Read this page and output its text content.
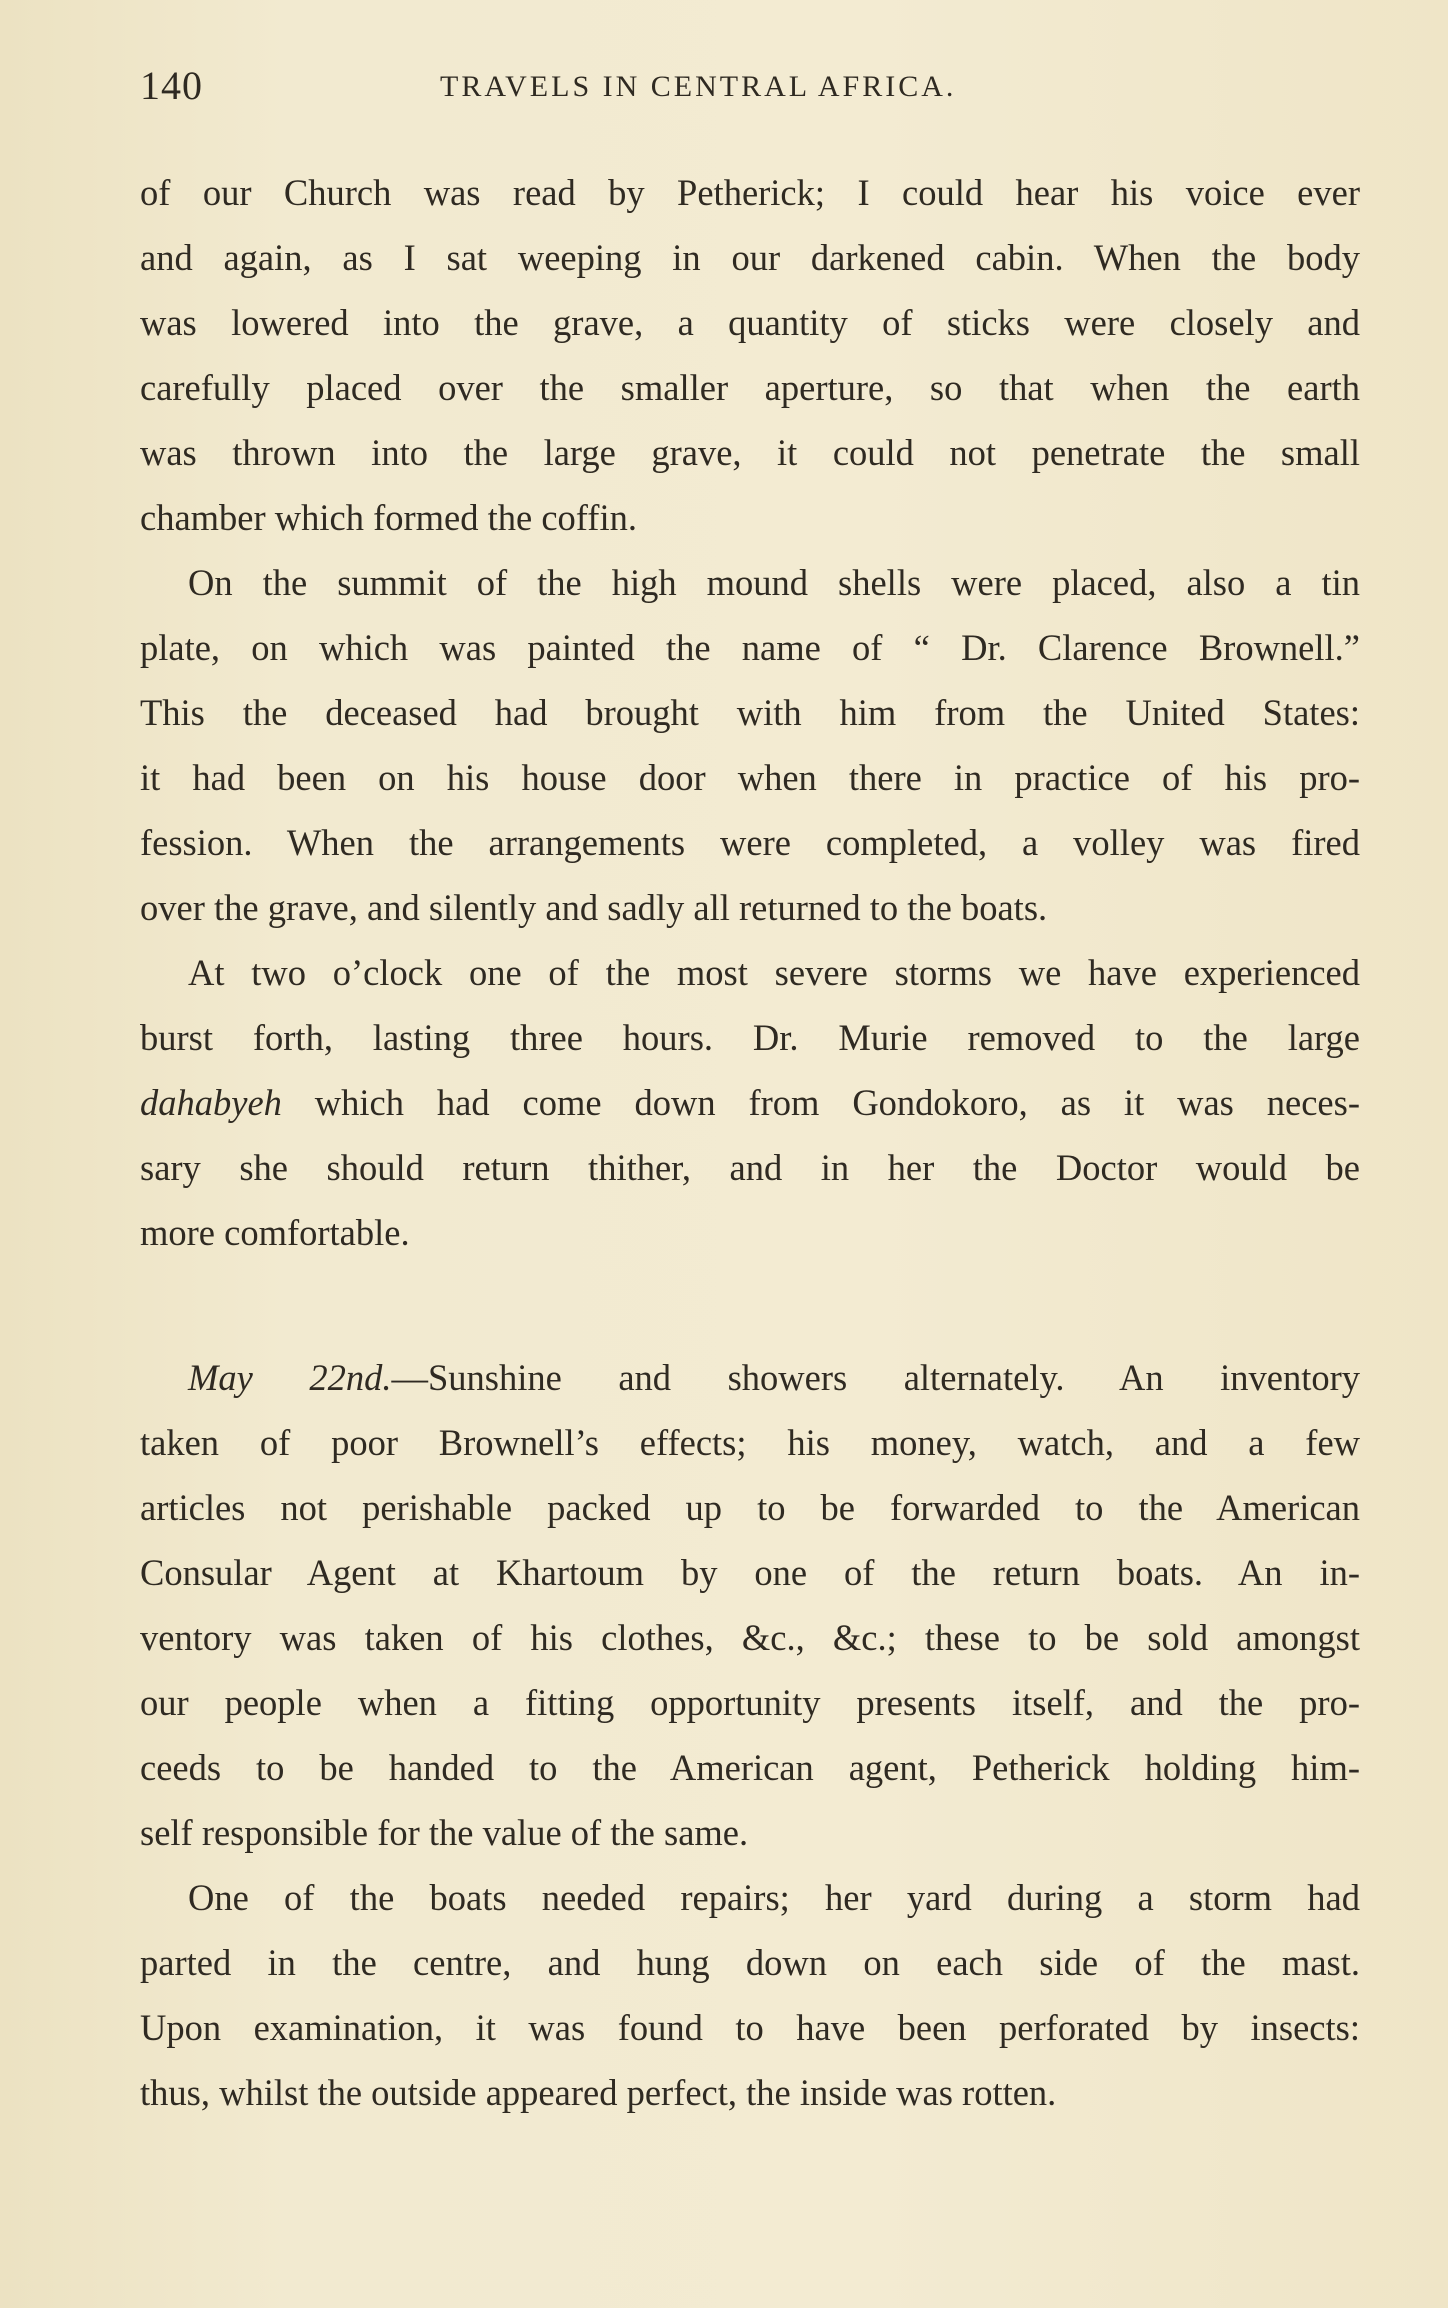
140	TRAVELS IN CENTRAL AFRICA.
of our Church was read by Petherick; I could hear his voice ever
and again, as I sat weeping in our darkened cabin. When the body
was lowered into the grave, a quantity of sticks were closely and
carefully placed over the smaller aperture, so that when the earth
was thrown into the large grave, it could not penetrate the small
chamber which formed the coffin.
On the summit of the high mound shells were placed, also a tin
plate, on which was painted the name of “ Dr. Clarence Brownell.”
This the deceased had brought with him from the United States:
it had been on his house door when there in practice of his pro-
fession. When the arrangements were completed, a volley was fired
over the grave, and silently and sadly all returned to the boats.
At two o’clock one of the most severe storms we have experienced
burst forth, lasting three hours. Dr. Murie removed to the large
dahabyeh which had come down from Gondokoro, as it was neces-
sary she should return thither, and in her the Doctor would be
more comfortable.
May 22nd.—Sunshine and showers alternately. An inventory
taken of poor Brownell’s effects; his money, watch, and a few
articles not perishable packed up to be forwarded to the American
Consular Agent at Khartoum by one of the return boats. An in-
ventory was taken of his clothes, &c., &c.; these to be sold amongst
our people when a fitting opportunity presents itself, and the pro-
ceeds to be handed to the American agent, Petherick holding him-
self responsible for the value of the same.
One of the boats needed repairs; her yard during a storm had
parted in the centre, and hung down on each side of the mast.
Upon examination, it was found to have been perforated by insects:
thus, whilst the outside appeared perfect, the inside was rotten.
